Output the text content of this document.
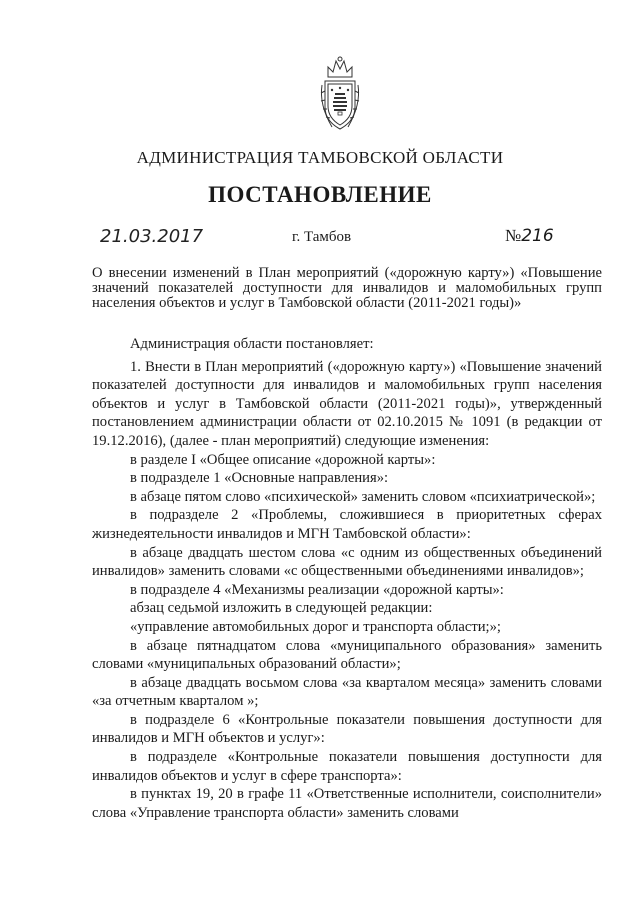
АДМИНИСТРАЦИЯ ТАМБОВСКОЙ ОБЛАСТИ
ПОСТАНОВЛЕНИЕ
21.03.2017	г. Тамбов	№216
О внесении изменений в План мероприятий («дорожную карту») «Повышение значений показателей доступности для инвалидов и маломобильных групп населения объектов и услуг в Тамбовской области (2011-2021 годы)»

Администрация области постановляет:

1. Внести в План мероприятий («дорожную карту») «Повышение значений показателей доступности для инвалидов и маломобильных групп населения объектов и услуг в Тамбовской области (2011-2021 годы)», утвержденный постановлением администрации области от 02.10.2015 № 1091 (в редакции от 19.12.2016), (далее - план мероприятий) следующие изменения:

в разделе I «Общее описание «дорожной карты»:

в подразделе 1 «Основные направления»:

в абзаце пятом слово «психической» заменить словом «психиатрической»;

в подразделе 2 «Проблемы, сложившиеся в приоритетных сферах жизнедеятельности инвалидов и МГН Тамбовской области»:

в абзаце двадцать шестом слова «с одним из общественных объединений инвалидов» заменить словами «с общественными объединениями инвалидов»;

в подразделе 4 «Механизмы реализации «дорожной карты»:

абзац седьмой изложить в следующей редакции:

«управление автомобильных дорог и транспорта области;»;

в абзаце пятнадцатом слова «муниципального образования» заменить словами «муниципальных образований области»;

в абзаце двадцать восьмом слова «за кварталом месяца» заменить словами «за отчетным кварталом »;

в подразделе 6 «Контрольные показатели повышения доступности для инвалидов и МГН объектов и услуг»:

в подразделе «Контрольные показатели повышения доступности для инвалидов объектов и услуг в сфере транспорта»:

в пунктах 19, 20 в графе 11 «Ответственные исполнители, соисполнители» слова «Управление транспорта области» заменить словами
